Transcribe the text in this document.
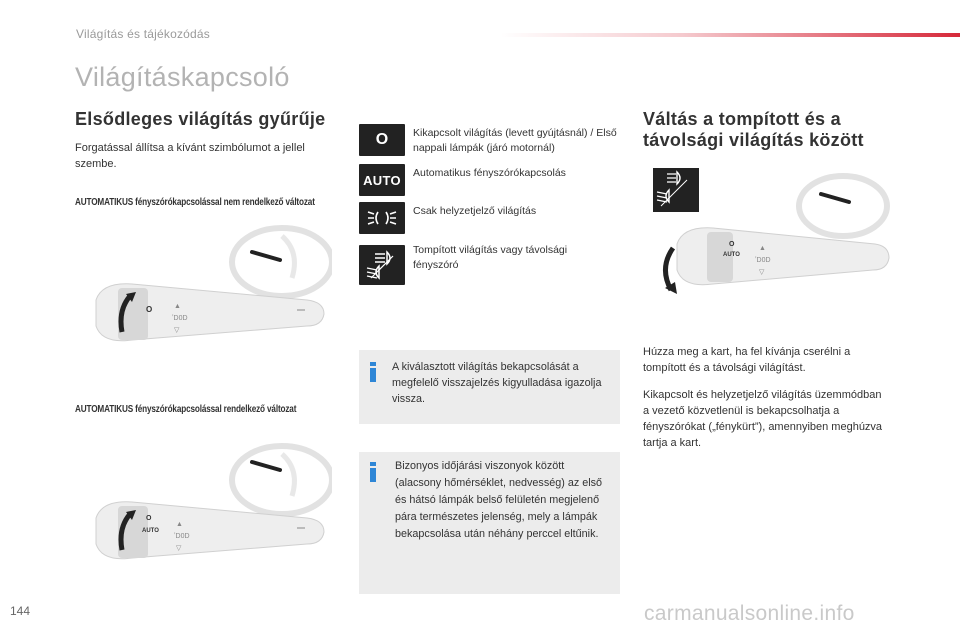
Világítás és tájékozódás
Világításkapcsoló
Elsődleges világítás gyűrűje
Forgatással állítsa a kívánt szimbólumot a jellel szembe.
AUTOMATIKUS fényszórókapcsolással nem rendelkező változat
O	▲
ʼD0D
▽
AUTOMATIKUS fényszórókapcsolással rendelkező változat
O
AUTO
▲
ʼD0D
▽
O Kikapcsolt világítás (levett gyújtásnál) / Első nappali lámpák (járó motornál)
AUTO Automatikus fényszórókapcsolás
Csak helyzetjelző világítás
Tompított világítás vagy távolsági fényszóró
A kiválasztott világítás bekapcsolását a megfelelő visszajelzés kigyulladása igazolja vissza.
Bizonyos időjárási viszonyok között (alacsony hőmérséklet, nedvesség) az első és hátsó lámpák belső felületén megjelenő pára természetes jelenség, mely a lámpák bekapcsolása után néhány perccel eltűnik.
Váltás a tompított és a távolsági világítás között
O
AUTO
▲
ʼD0D
▽
Húzza meg a kart, ha fel kívánja cserélni a tompított és a távolsági világítást.
Kikapcsolt és helyzetjelző világítás üzemmódban a vezető közvetlenül is bekapcsolhatja a fényszórókat („fénykürt”), amennyiben meghúzva tartja a kart.
144	carmanualsonline.info
